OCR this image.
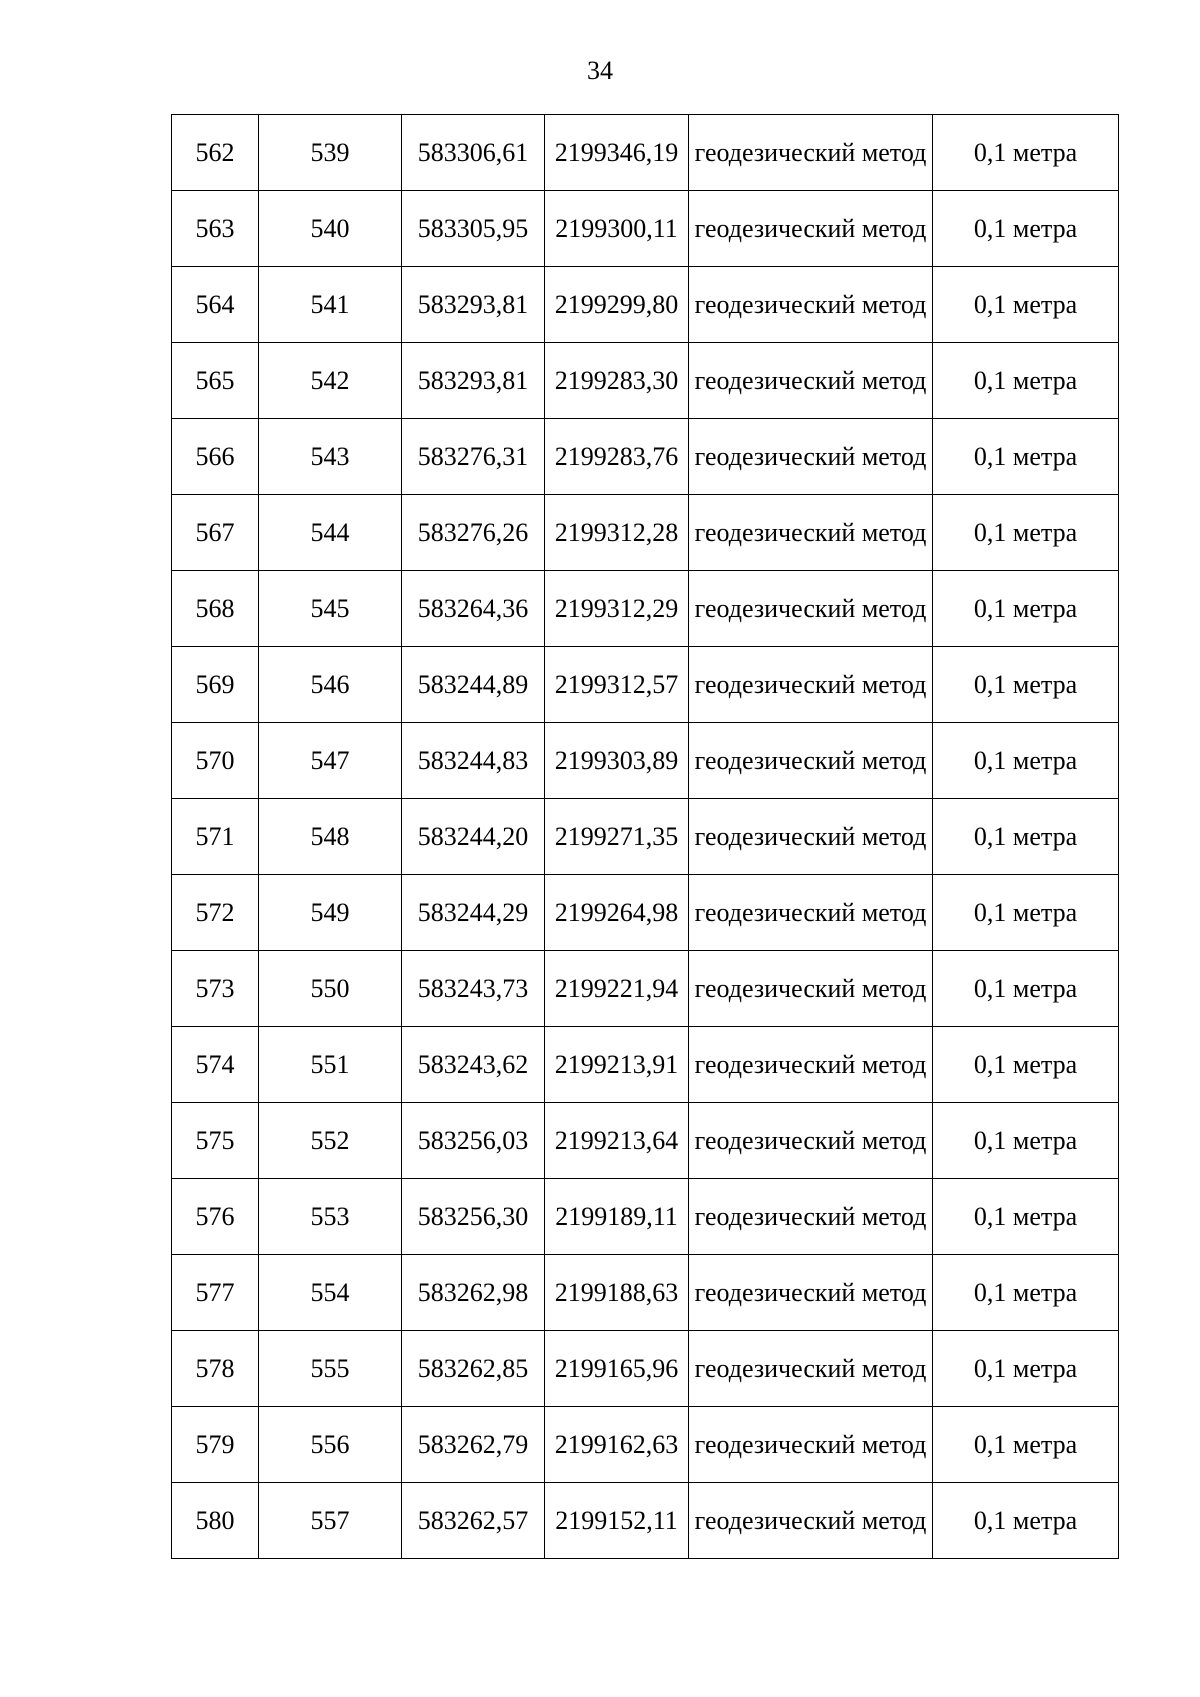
34
562	539	583306,61	2199346,19	геодезический метод	0,1 метра
563	540	583305,95	2199300,11	геодезический метод	0,1 метра
564	541	583293,81	2199299,80	геодезический метод	0,1 метра
565	542	583293,81	2199283,30	геодезический метод	0,1 метра
566	543	583276,31	2199283,76	геодезический метод	0,1 метра
567	544	583276,26	2199312,28	геодезический метод	0,1 метра
568	545	583264,36	2199312,29	геодезический метод	0,1 метра
569	546	583244,89	2199312,57	геодезический метод	0,1 метра
570	547	583244,83	2199303,89	геодезический метод	0,1 метра
571	548	583244,20	2199271,35	геодезический метод	0,1 метра
572	549	583244,29	2199264,98	геодезический метод	0,1 метра
573	550	583243,73	2199221,94	геодезический метод	0,1 метра
574	551	583243,62	2199213,91	геодезический метод	0,1 метра
575	552	583256,03	2199213,64	геодезический метод	0,1 метра
576	553	583256,30	2199189,11	геодезический метод	0,1 метра
577	554	583262,98	2199188,63	геодезический метод	0,1 метра
578	555	583262,85	2199165,96	геодезический метод	0,1 метра
579	556	583262,79	2199162,63	геодезический метод	0,1 метра
580	557	583262,57	2199152,11	геодезический метод	0,1 метра
